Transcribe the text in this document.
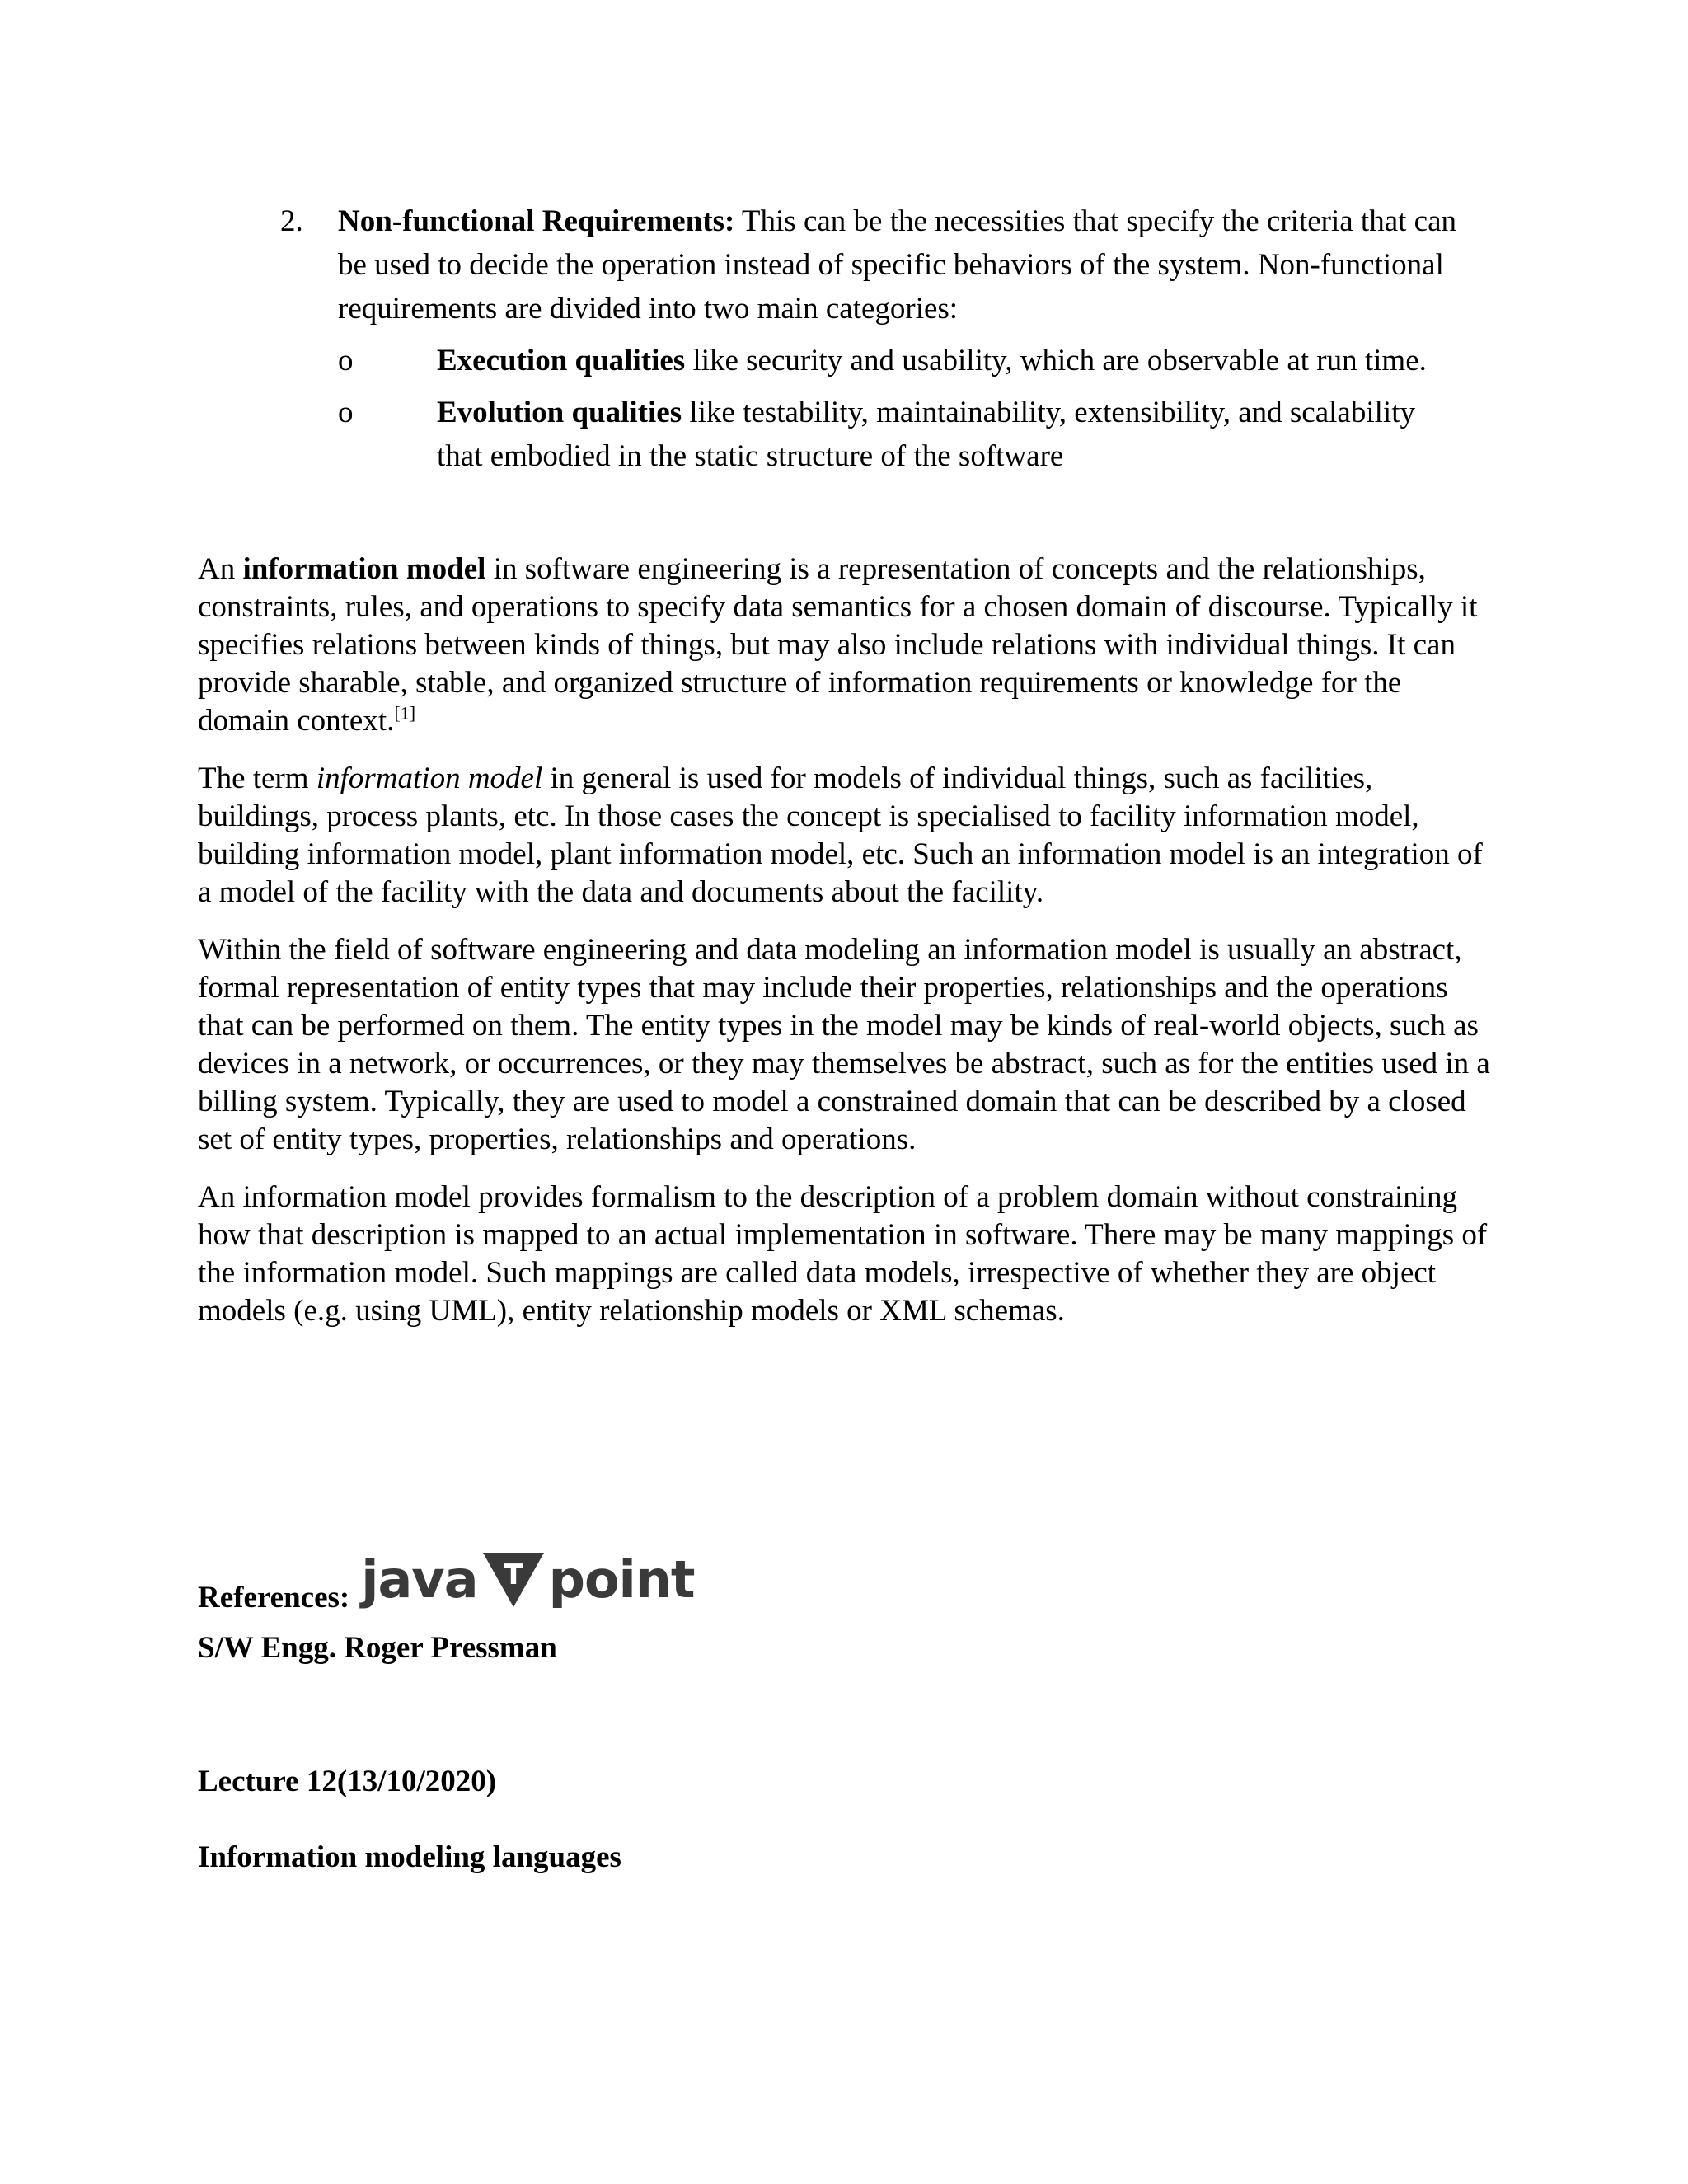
2. Non-functional Requirements: This can be the necessities that specify the criteria that can be used to decide the operation instead of specific behaviors of the system. Non-functional requirements are divided into two main categories:
o	Execution qualities like security and usability, which are observable at run time.
o	Evolution qualities like testability, maintainability, extensibility, and scalability that embodied in the static structure of the software

An information model in software engineering is a representation of concepts and the relationships, constraints, rules, and operations to specify data semantics for a chosen domain of discourse. Typically it specifies relations between kinds of things, but may also include relations with individual things. It can provide sharable, stable, and organized structure of information requirements or knowledge for the domain context.[1]

The term information model in general is used for models of individual things, such as facilities, buildings, process plants, etc. In those cases the concept is specialised to facility information model, building information model, plant information model, etc. Such an information model is an integration of a model of the facility with the data and documents about the facility.

Within the field of software engineering and data modeling an information model is usually an abstract, formal representation of entity types that may include their properties, relationships and the operations that can be performed on them. The entity types in the model may be kinds of real-world objects, such as devices in a network, or occurrences, or they may themselves be abstract, such as for the entities used in a billing system. Typically, they are used to model a constrained domain that can be described by a closed set of entity types, properties, relationships and operations.

An information model provides formalism to the description of a problem domain without constraining how that description is mapped to an actual implementation in software. There may be many mappings of the information model. Such mappings are called data models, irrespective of whether they are object models (e.g. using UML), entity relationship models or XML schemas.

References: java T point
S/W Engg. Roger Pressman
Lecture 12(13/10/2020)
Information modeling languages
